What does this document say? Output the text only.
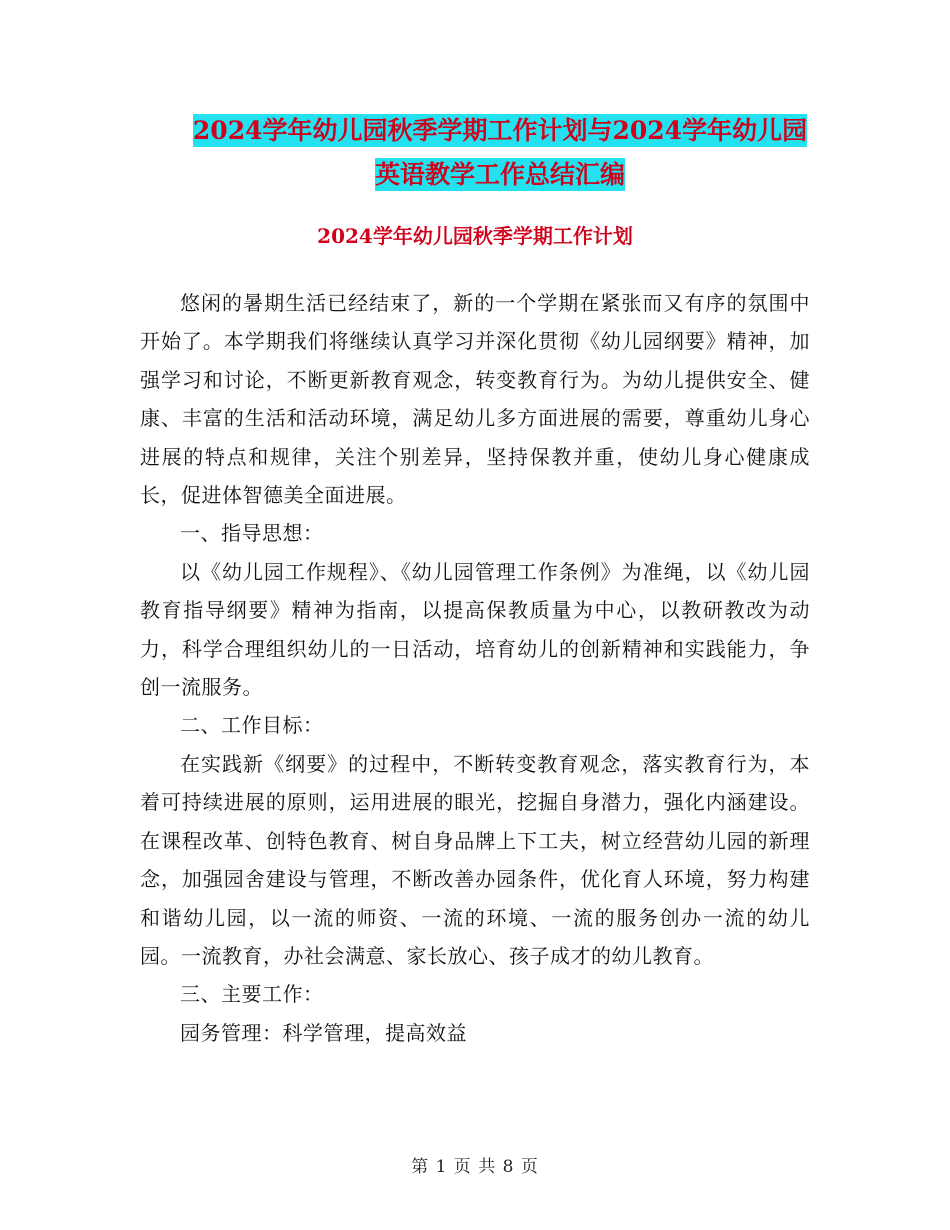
2024学年幼儿园秋季学期工作计划与2024学年幼儿园
英语教学工作总结汇编
2024学年幼儿园秋季学期工作计划

悠闲的暑期生活已经结束了，新的一个学期在紧张而又有序的氛围中开始了。本学期我们将继续认真学习并深化贯彻《幼儿园纲要》精神，加强学习和讨论，不断更新教育观念，转变教育行为。为幼儿提供安全、健康、丰富的生活和活动环境，满足幼儿多方面进展的需要，尊重幼儿身心进展的特点和规律，关注个别差异，坚持保教并重，使幼儿身心健康成长，促进体智德美全面进展。

一、指导思想：

以《幼儿园工作规程》、《幼儿园管理工作条例》为准绳，以《幼儿园教育指导纲要》精神为指南，以提高保教质量为中心，以教研教改为动力，科学合理组织幼儿的一日活动，培育幼儿的创新精神和实践能力，争创一流服务。

二、工作目标：

在实践新《纲要》的过程中，不断转变教育观念，落实教育行为，本着可持续进展的原则，运用进展的眼光，挖掘自身潜力，强化内涵建设。在课程改革、创特色教育、树自身品牌上下工夫，树立经营幼儿园的新理念，加强园舍建设与管理，不断改善办园条件，优化育人环境，努力构建和谐幼儿园，以一流的师资、一流的环境、一流的服务创办一流的幼儿园。一流教育，办社会满意、家长放心、孩子成才的幼儿教育。

三、主要工作：

园务管理：科学管理，提高效益

第 1 页 共 8 页
